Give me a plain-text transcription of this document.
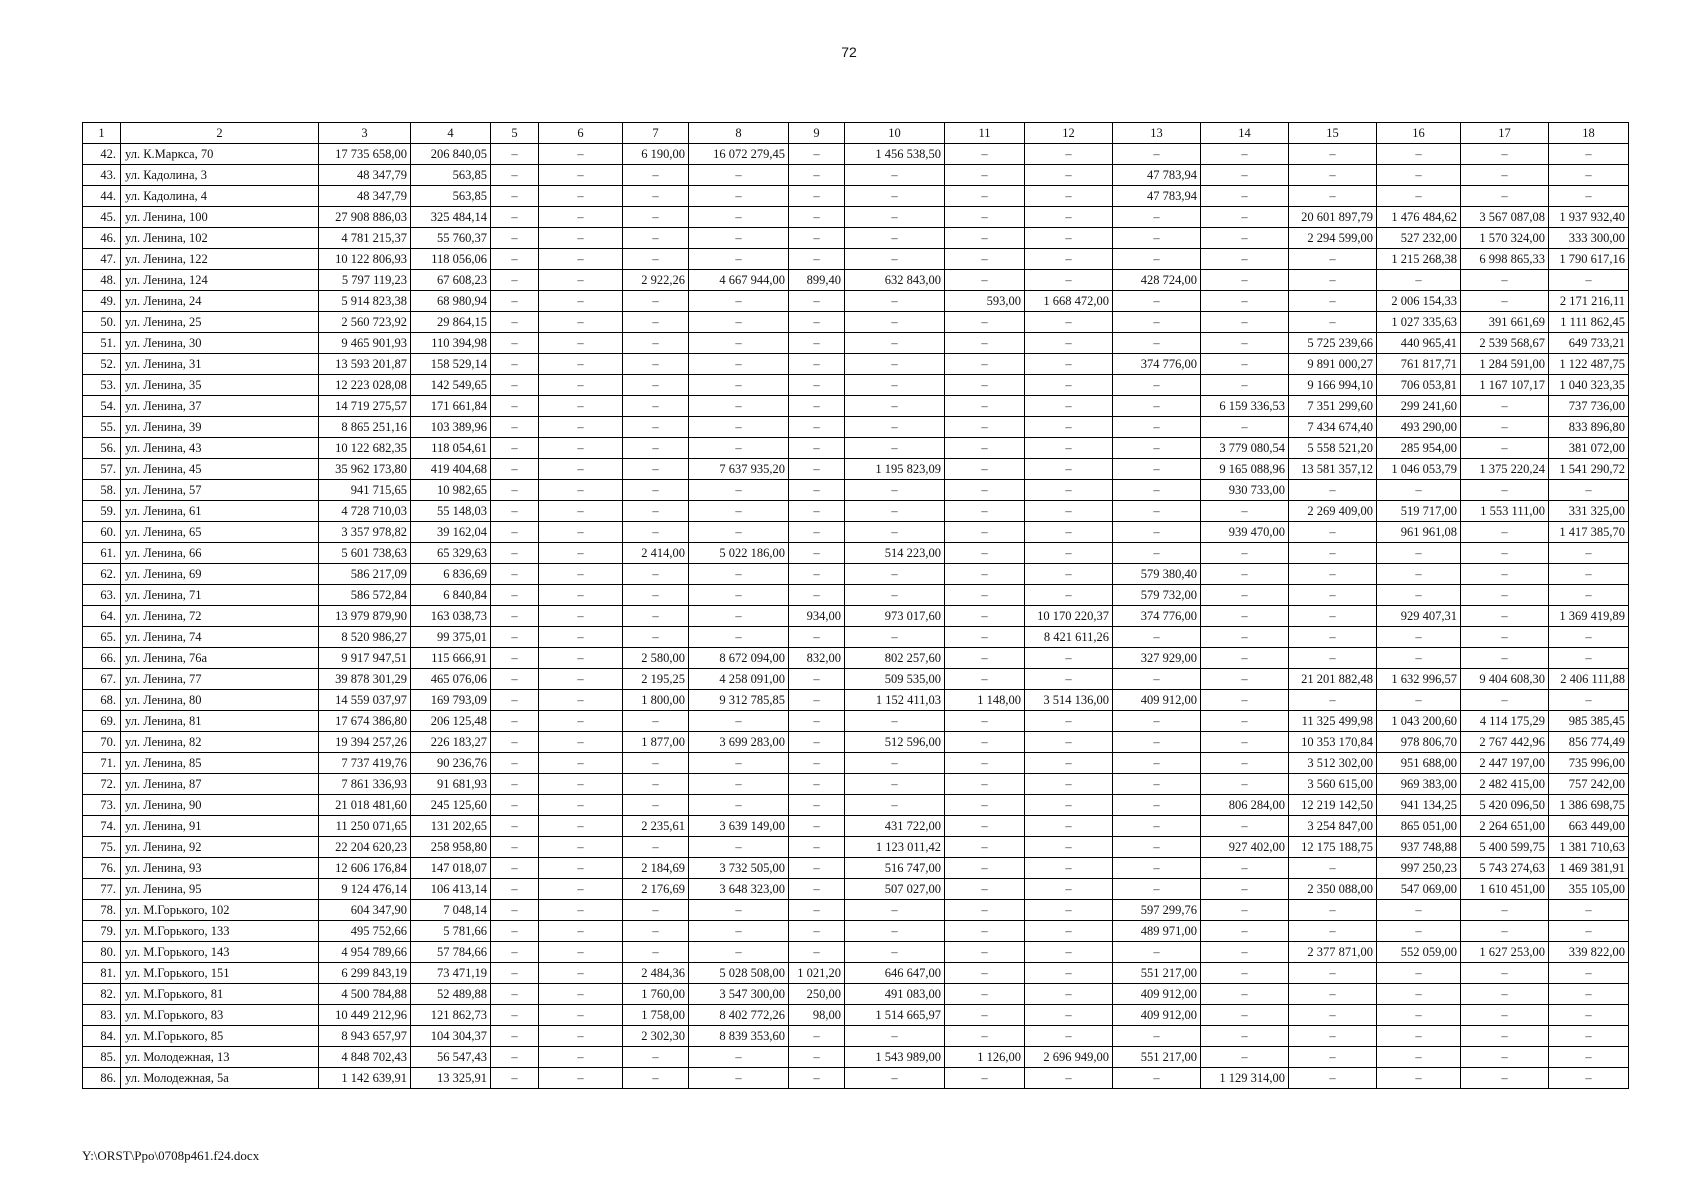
72
1	2	3	4	5	6	7	8	9	10	11	12	13	14	15	16	17	18
42.	ул. К.Маркса, 70	17 735 658,00	206 840,05	–	–	6 190,00	16 072 279,45	–	1 456 538,50	–	–	–	–	–	–	–	–
43.	ул. Кадолина, 3	48 347,79	563,85	–	–	–	–	–	–	–	–	47 783,94	–	–	–	–	–
44.	ул. Кадолина, 4	48 347,79	563,85	–	–	–	–	–	–	–	–	47 783,94	–	–	–	–	–
45.	ул. Ленина, 100	27 908 886,03	325 484,14	–	–	–	–	–	–	–	–	–	–	20 601 897,79	1 476 484,62	3 567 087,08	1 937 932,40
46.	ул. Ленина, 102	4 781 215,37	55 760,37	–	–	–	–	–	–	–	–	–	–	2 294 599,00	527 232,00	1 570 324,00	333 300,00
47.	ул. Ленина, 122	10 122 806,93	118 056,06	–	–	–	–	–	–	–	–	–	–	–	1 215 268,38	6 998 865,33	1 790 617,16
48.	ул. Ленина, 124	5 797 119,23	67 608,23	–	–	2 922,26	4 667 944,00	899,40	632 843,00	–	–	428 724,00	–	–	–	–	–
49.	ул. Ленина, 24	5 914 823,38	68 980,94	–	–	–	–	–	–	593,00	1 668 472,00	–	–	–	2 006 154,33	–	2 171 216,11
50.	ул. Ленина, 25	2 560 723,92	29 864,15	–	–	–	–	–	–	–	–	–	–	–	1 027 335,63	391 661,69	1 111 862,45
51.	ул. Ленина, 30	9 465 901,93	110 394,98	–	–	–	–	–	–	–	–	–	–	5 725 239,66	440 965,41	2 539 568,67	649 733,21
52.	ул. Ленина, 31	13 593 201,87	158 529,14	–	–	–	–	–	–	–	–	374 776,00	–	9 891 000,27	761 817,71	1 284 591,00	1 122 487,75
53.	ул. Ленина, 35	12 223 028,08	142 549,65	–	–	–	–	–	–	–	–	–	–	9 166 994,10	706 053,81	1 167 107,17	1 040 323,35
54.	ул. Ленина, 37	14 719 275,57	171 661,84	–	–	–	–	–	–	–	–	–	6 159 336,53	7 351 299,60	299 241,60	–	737 736,00
55.	ул. Ленина, 39	8 865 251,16	103 389,96	–	–	–	–	–	–	–	–	–	–	7 434 674,40	493 290,00	–	833 896,80
56.	ул. Ленина, 43	10 122 682,35	118 054,61	–	–	–	–	–	–	–	–	–	3 779 080,54	5 558 521,20	285 954,00	–	381 072,00
57.	ул. Ленина, 45	35 962 173,80	419 404,68	–	–	–	7 637 935,20	–	1 195 823,09	–	–	–	9 165 088,96	13 581 357,12	1 046 053,79	1 375 220,24	1 541 290,72
58.	ул. Ленина, 57	941 715,65	10 982,65	–	–	–	–	–	–	–	–	–	930 733,00	–	–	–	–
59.	ул. Ленина, 61	4 728 710,03	55 148,03	–	–	–	–	–	–	–	–	–	–	2 269 409,00	519 717,00	1 553 111,00	331 325,00
60.	ул. Ленина, 65	3 357 978,82	39 162,04	–	–	–	–	–	–	–	–	–	939 470,00	–	961 961,08	–	1 417 385,70
61.	ул. Ленина, 66	5 601 738,63	65 329,63	–	–	2 414,00	5 022 186,00	–	514 223,00	–	–	–	–	–	–	–	–
62.	ул. Ленина, 69	586 217,09	6 836,69	–	–	–	–	–	–	–	–	579 380,40	–	–	–	–	–
63.	ул. Ленина, 71	586 572,84	6 840,84	–	–	–	–	–	–	–	–	579 732,00	–	–	–	–	–
64.	ул. Ленина, 72	13 979 879,90	163 038,73	–	–	–	–	934,00	973 017,60	–	10 170 220,37	374 776,00	–	–	929 407,31	–	1 369 419,89
65.	ул. Ленина, 74	8 520 986,27	99 375,01	–	–	–	–	–	–	–	8 421 611,26	–	–	–	–	–	–
66.	ул. Ленина, 76а	9 917 947,51	115 666,91	–	–	2 580,00	8 672 094,00	832,00	802 257,60	–	–	327 929,00	–	–	–	–	–
67.	ул. Ленина, 77	39 878 301,29	465 076,06	–	–	2 195,25	4 258 091,00	–	509 535,00	–	–	–	–	21 201 882,48	1 632 996,57	9 404 608,30	2 406 111,88
68.	ул. Ленина, 80	14 559 037,97	169 793,09	–	–	1 800,00	9 312 785,85	–	1 152 411,03	1 148,00	3 514 136,00	409 912,00	–	–	–	–	–
69.	ул. Ленина, 81	17 674 386,80	206 125,48	–	–	–	–	–	–	–	–	–	–	11 325 499,98	1 043 200,60	4 114 175,29	985 385,45
70.	ул. Ленина, 82	19 394 257,26	226 183,27	–	–	1 877,00	3 699 283,00	–	512 596,00	–	–	–	–	10 353 170,84	978 806,70	2 767 442,96	856 774,49
71.	ул. Ленина, 85	7 737 419,76	90 236,76	–	–	–	–	–	–	–	–	–	–	3 512 302,00	951 688,00	2 447 197,00	735 996,00
72.	ул. Ленина, 87	7 861 336,93	91 681,93	–	–	–	–	–	–	–	–	–	–	3 560 615,00	969 383,00	2 482 415,00	757 242,00
73.	ул. Ленина, 90	21 018 481,60	245 125,60	–	–	–	–	–	–	–	–	–	806 284,00	12 219 142,50	941 134,25	5 420 096,50	1 386 698,75
74.	ул. Ленина, 91	11 250 071,65	131 202,65	–	–	2 235,61	3 639 149,00	–	431 722,00	–	–	–	–	3 254 847,00	865 051,00	2 264 651,00	663 449,00
75.	ул. Ленина, 92	22 204 620,23	258 958,80	–	–	–	–	–	1 123 011,42	–	–	–	927 402,00	12 175 188,75	937 748,88	5 400 599,75	1 381 710,63
76.	ул. Ленина, 93	12 606 176,84	147 018,07	–	–	2 184,69	3 732 505,00	–	516 747,00	–	–	–	–	–	997 250,23	5 743 274,63	1 469 381,91
77.	ул. Ленина, 95	9 124 476,14	106 413,14	–	–	2 176,69	3 648 323,00	–	507 027,00	–	–	–	–	2 350 088,00	547 069,00	1 610 451,00	355 105,00
78.	ул. М.Горького, 102	604 347,90	7 048,14	–	–	–	–	–	–	–	–	597 299,76	–	–	–	–	–
79.	ул. М.Горького, 133	495 752,66	5 781,66	–	–	–	–	–	–	–	–	489 971,00	–	–	–	–	–
80.	ул. М.Горького, 143	4 954 789,66	57 784,66	–	–	–	–	–	–	–	–	–	–	2 377 871,00	552 059,00	1 627 253,00	339 822,00
81.	ул. М.Горького, 151	6 299 843,19	73 471,19	–	–	2 484,36	5 028 508,00	1 021,20	646 647,00	–	–	551 217,00	–	–	–	–	–
82.	ул. М.Горького, 81	4 500 784,88	52 489,88	–	–	1 760,00	3 547 300,00	250,00	491 083,00	–	–	409 912,00	–	–	–	–	–
83.	ул. М.Горького, 83	10 449 212,96	121 862,73	–	–	1 758,00	8 402 772,26	98,00	1 514 665,97	–	–	409 912,00	–	–	–	–	–
84.	ул. М.Горького, 85	8 943 657,97	104 304,37	–	–	2 302,30	8 839 353,60	–	–	–	–	–	–	–	–	–	–
85.	ул. Молодежная, 13	4 848 702,43	56 547,43	–	–	–	–	–	1 543 989,00	1 126,00	2 696 949,00	551 217,00	–	–	–	–	–
86.	ул. Молодежная, 5а	1 142 639,91	13 325,91	–	–	–	–	–	–	–	–	–	1 129 314,00	–	–	–	–
Y:\ORST\Ppo\0708p461.f24.docx
